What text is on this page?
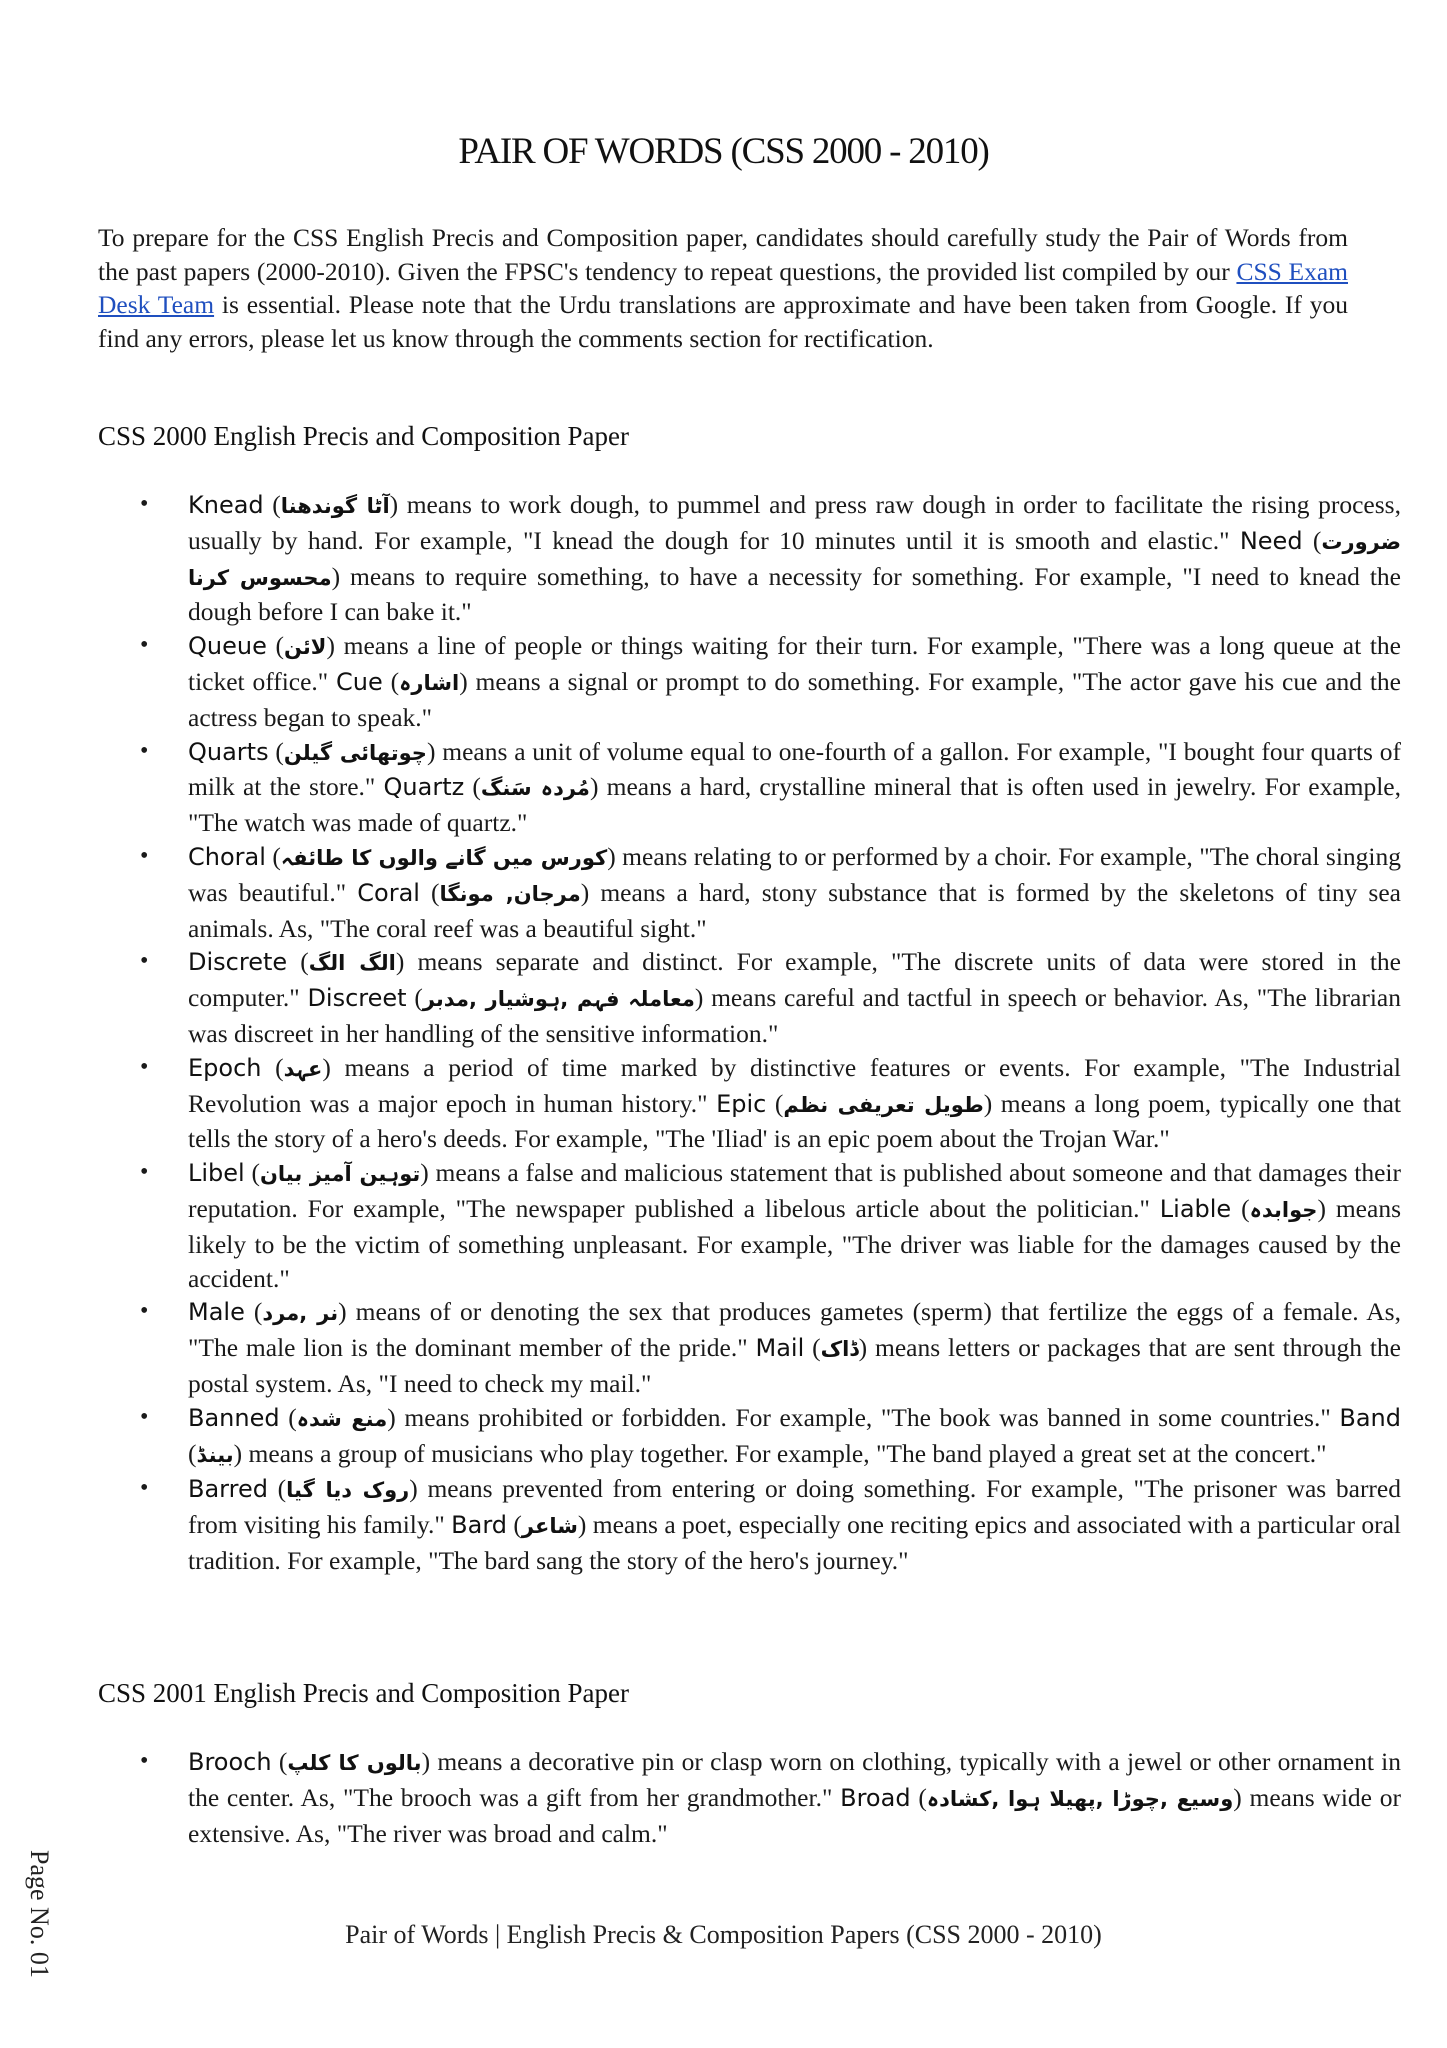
PAIR OF WORDS (CSS 2000 - 2010)

To prepare for the CSS English Precis and Composition paper, candidates should carefully study the Pair of Words from the past papers (2000-2010). Given the FPSC's tendency to repeat questions, the provided list compiled by our CSS Exam Desk Team is essential. Please note that the Urdu translations are approximate and have been taken from Google. If you find any errors, please let us know through the comments section for rectification.

CSS 2000 English Precis and Composition Paper
• Knead (آٹا گوندھنا) means to work dough, to pummel and press raw dough in order to facilitate the rising process, usually by hand. For example, "I knead the dough for 10 minutes until it is smooth and elastic." Need (ضرورت محسوس کرنا) means to require something, to have a necessity for something. For example, "I need to knead the dough before I can bake it."
• Queue (لائن) means a line of people or things waiting for their turn. For example, "There was a long queue at the ticket office." Cue (اشارہ) means a signal or prompt to do something. For example, "The actor gave his cue and the actress began to speak."
• Quarts (چوتھائی گیلن) means a unit of volume equal to one-fourth of a gallon. For example, "I bought four quarts of milk at the store." Quartz (مُردہ سَنگ) means a hard, crystalline mineral that is often used in jewelry. For example, "The watch was made of quartz."
• Choral (کورس میں گانے والوں کا طائفہ) means relating to or performed by a choir. For example, "The choral singing was beautiful." Coral (مرجان, مونگا) means a hard, stony substance that is formed by the skeletons of tiny sea animals. As, "The coral reef was a beautiful sight."
• Discrete (الگ الگ) means separate and distinct. For example, "The discrete units of data were stored in the computer." Discreet (معاملہ فہم ,ہوشیار ,مدبر) means careful and tactful in speech or behavior. As, "The librarian was discreet in her handling of the sensitive information."
• Epoch (عہد) means a period of time marked by distinctive features or events. For example, "The Industrial Revolution was a major epoch in human history." Epic (طویل تعریفی نظم) means a long poem, typically one that tells the story of a hero's deeds. For example, "The 'Iliad' is an epic poem about the Trojan War."
• Libel (توہین آمیز بیان) means a false and malicious statement that is published about someone and that damages their reputation. For example, "The newspaper published a libelous article about the politician." Liable (جوابدہ) means likely to be the victim of something unpleasant. For example, "The driver was liable for the damages caused by the accident."
• Male (نر ,مرد) means of or denoting the sex that produces gametes (sperm) that fertilize the eggs of a female. As, "The male lion is the dominant member of the pride." Mail (ڈاک) means letters or packages that are sent through the postal system. As, "I need to check my mail."
• Banned (منع شدہ) means prohibited or forbidden. For example, "The book was banned in some countries." Band (بینڈ) means a group of musicians who play together. For example, "The band played a great set at the concert."
• Barred (روک دیا گیا) means prevented from entering or doing something. For example, "The prisoner was barred from visiting his family." Bard (شاعر) means a poet, especially one reciting epics and associated with a particular oral tradition. For example, "The bard sang the story of the hero's journey."
CSS 2001 English Precis and Composition Paper
• Brooch (بالوں کا کلپ) means a decorative pin or clasp worn on clothing, typically with a jewel or other ornament in the center. As, "The brooch was a gift from her grandmother." Broad (وسیع ,چوڑا ,پھیلا ہوا ,کشادہ) means wide or extensive. As, "The river was broad and calm."
Pair of Words | English Precis & Composition Papers (CSS 2000 - 2010)
Page No. 01
